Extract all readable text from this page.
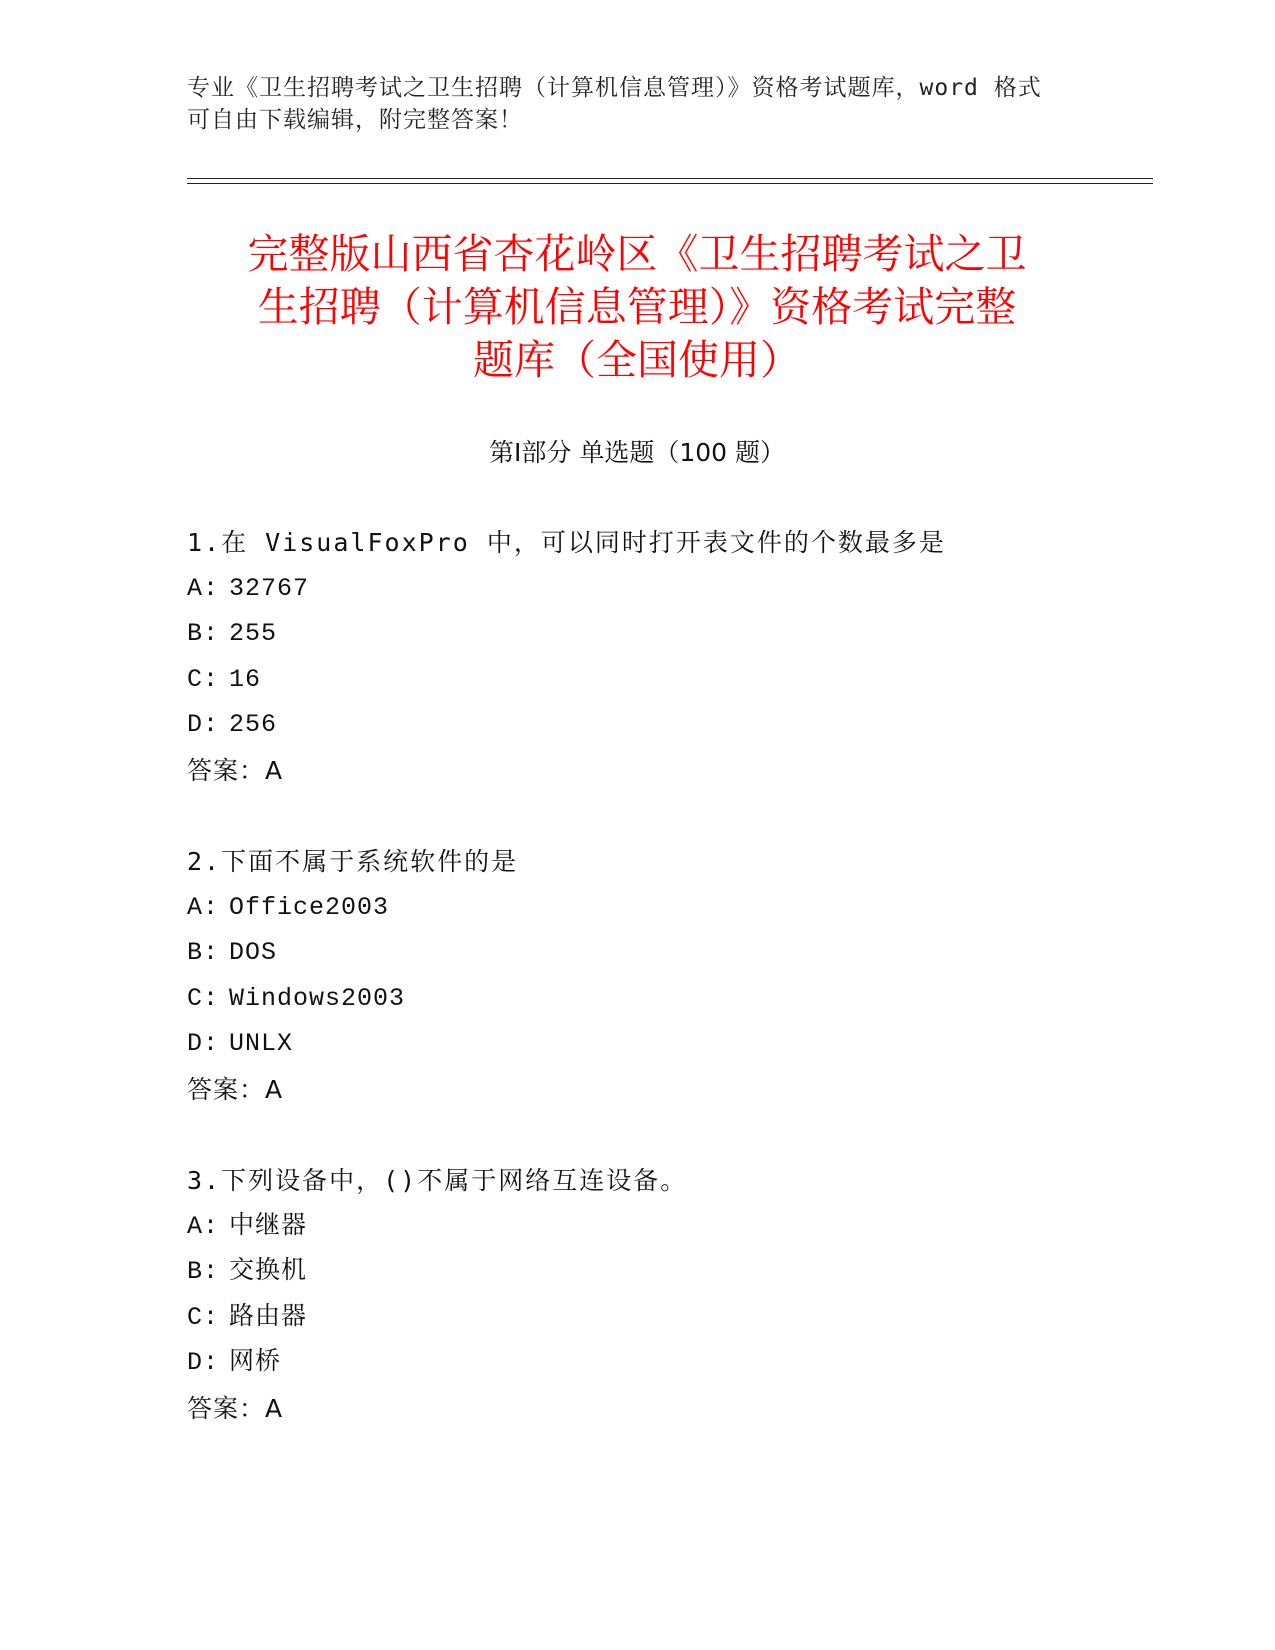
专业《卫生招聘考试之卫生招聘（计算机信息管理）》资格考试题库，word 格式
可自由下载编辑，附完整答案！
完整版山西省杏花岭区《卫生招聘考试之卫
生招聘（计算机信息管理）》资格考试完整
题库（全国使用）
第Ⅰ部分 单选题（100 题）
1.在 VisualFoxPro 中，可以同时打开表文件的个数最多是
A: 32767
B: 255
C: 16
D: 256
答案：A
2.下面不属于系统软件的是
A: Office2003
B: DOS
C: Windows2003
D: UNLX
答案：A
3.下列设备中，()不属于网络互连设备。
A: 中继器
B: 交换机
C: 路由器
D: 网桥
答案：A
